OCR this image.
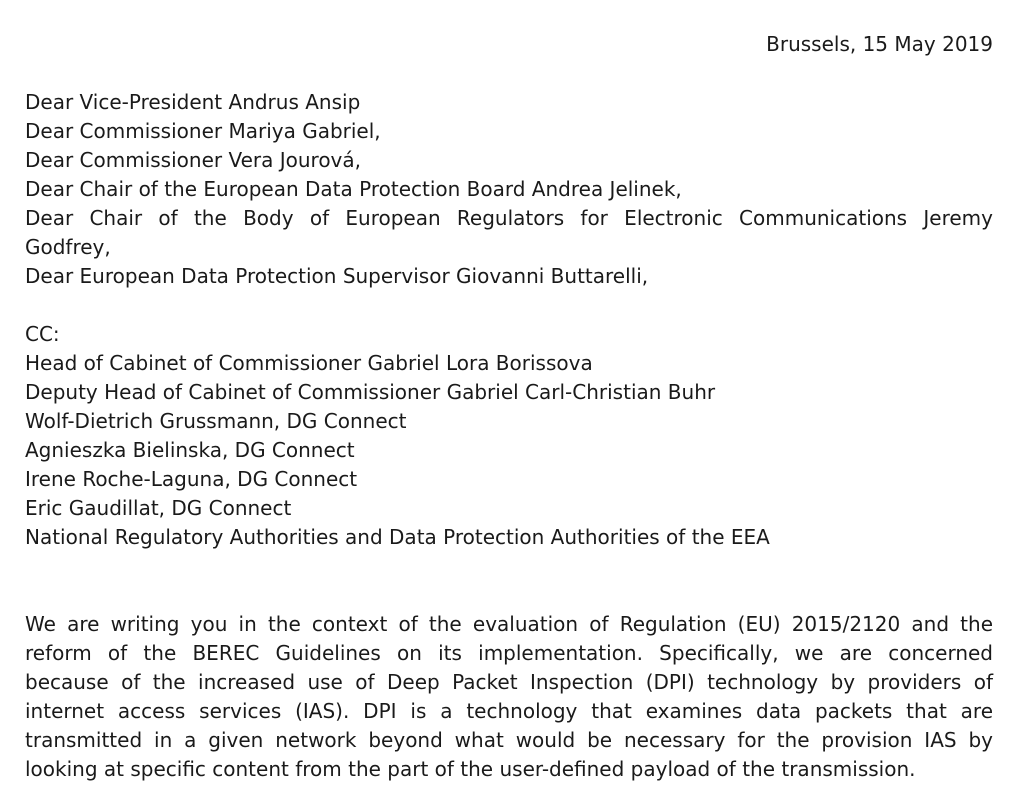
Brussels, 15 May 2019
Dear Vice-President Andrus Ansip
Dear Commissioner Mariya Gabriel,
Dear Commissioner Vera Jourová,
Dear Chair of the European Data Protection Board Andrea Jelinek,
Dear Chair of the Body of European Regulators for Electronic Communications Jeremy
Godfrey,
Dear European Data Protection Supervisor Giovanni Buttarelli,
CC:
Head of Cabinet of Commissioner Gabriel Lora Borissova
Deputy Head of Cabinet of Commissioner Gabriel Carl-Christian Buhr
Wolf-Dietrich Grussmann, DG Connect
Agnieszka Bielinska, DG Connect
Irene Roche-Laguna, DG Connect
Eric Gaudillat, DG Connect
National Regulatory Authorities and Data Protection Authorities of the EEA
We are writing you in the context of the evaluation of Regulation (EU) 2015/2120 and the
reform of the BEREC Guidelines on its implementation. Specifically, we are concerned
because of the increased use of Deep Packet Inspection (DPI) technology by providers of
internet access services (IAS). DPI is a technology that examines data packets that are
transmitted in a given network beyond what would be necessary for the provision IAS by
looking at specific content from the part of the user-defined payload of the transmission.
